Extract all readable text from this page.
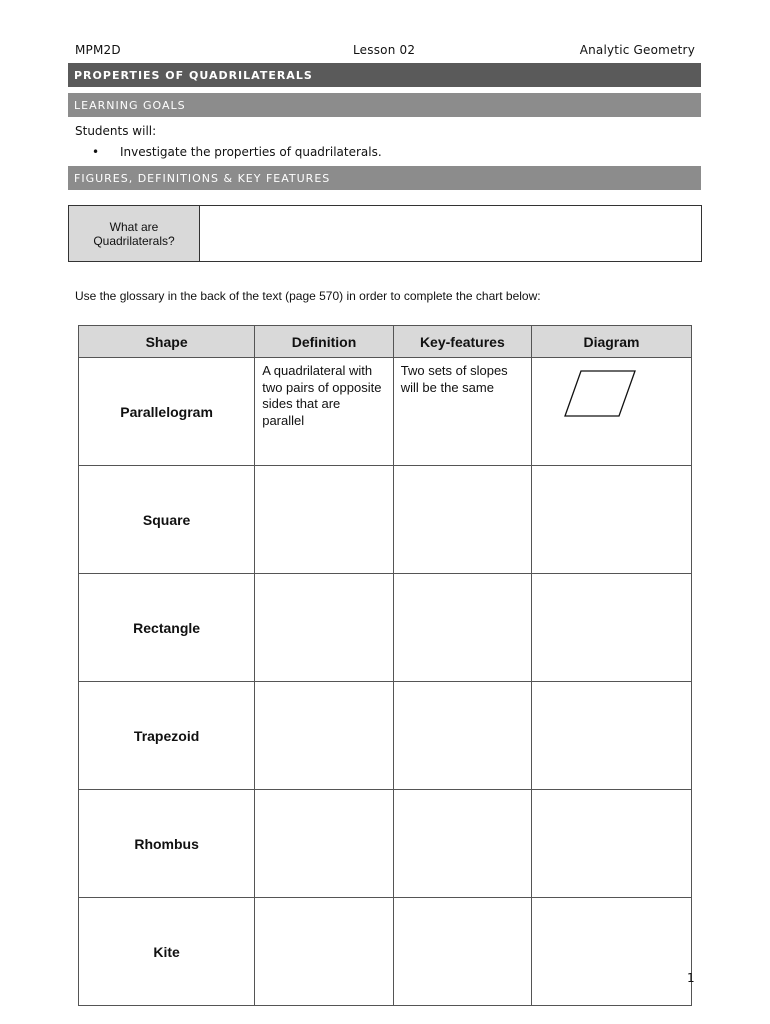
MPM2D	Lesson 02	Analytic Geometry
PROPERTIES OF QUADRILATERALS
LEARNING GOALS
Students will:
• Investigate the properties of quadrilaterals.
FIGURES, DEFINITIONS & KEY FEATURES
What are Quadrilaterals?
Use the glossary in the back of the text (page 570) in order to complete the chart below:
Shape	Definition	Key-features	Diagram
Parallelogram	A quadrilateral with two pairs of opposite sides that are parallel	Two sets of slopes will be the same	
Square			
Rectangle			
Trapezoid			
Rhombus			
Kite			
1
